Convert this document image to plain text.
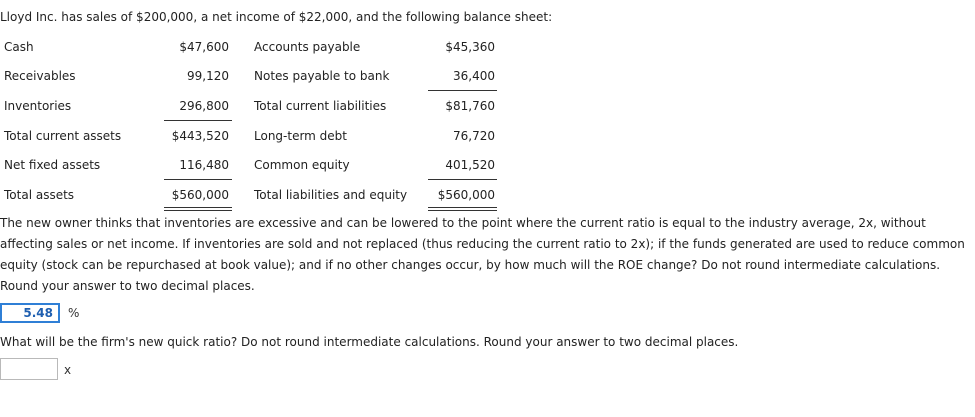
Lloyd Inc. has sales of $200,000, a net income of $22,000, and the following balance sheet:
Cash	$47,600 Accounts payable	$45,360
Receivables	99,120 Notes payable to bank	36,400
Inventories	296,800 Total current liabilities	$81,760
Total current assets	$443,520 Long-term debt	76,720
Net fixed assets	116,480 Common equity	401,520
Total assets	$560,000 Total liabilities and equity	$560,000
The new owner thinks that inventories are excessive and can be lowered to the point where the current ratio is equal to the industry average, 2x, without
affecting sales or net income. If inventories are sold and not replaced (thus reducing the current ratio to 2x); if the funds generated are used to reduce common
equity (stock can be repurchased at book value); and if no other changes occur, by how much will the ROE change? Do not round intermediate calculations.
Round your answer to two decimal places.
5.48	%
What will be the firm's new quick ratio? Do not round intermediate calculations. Round your answer to two decimal places.
x
